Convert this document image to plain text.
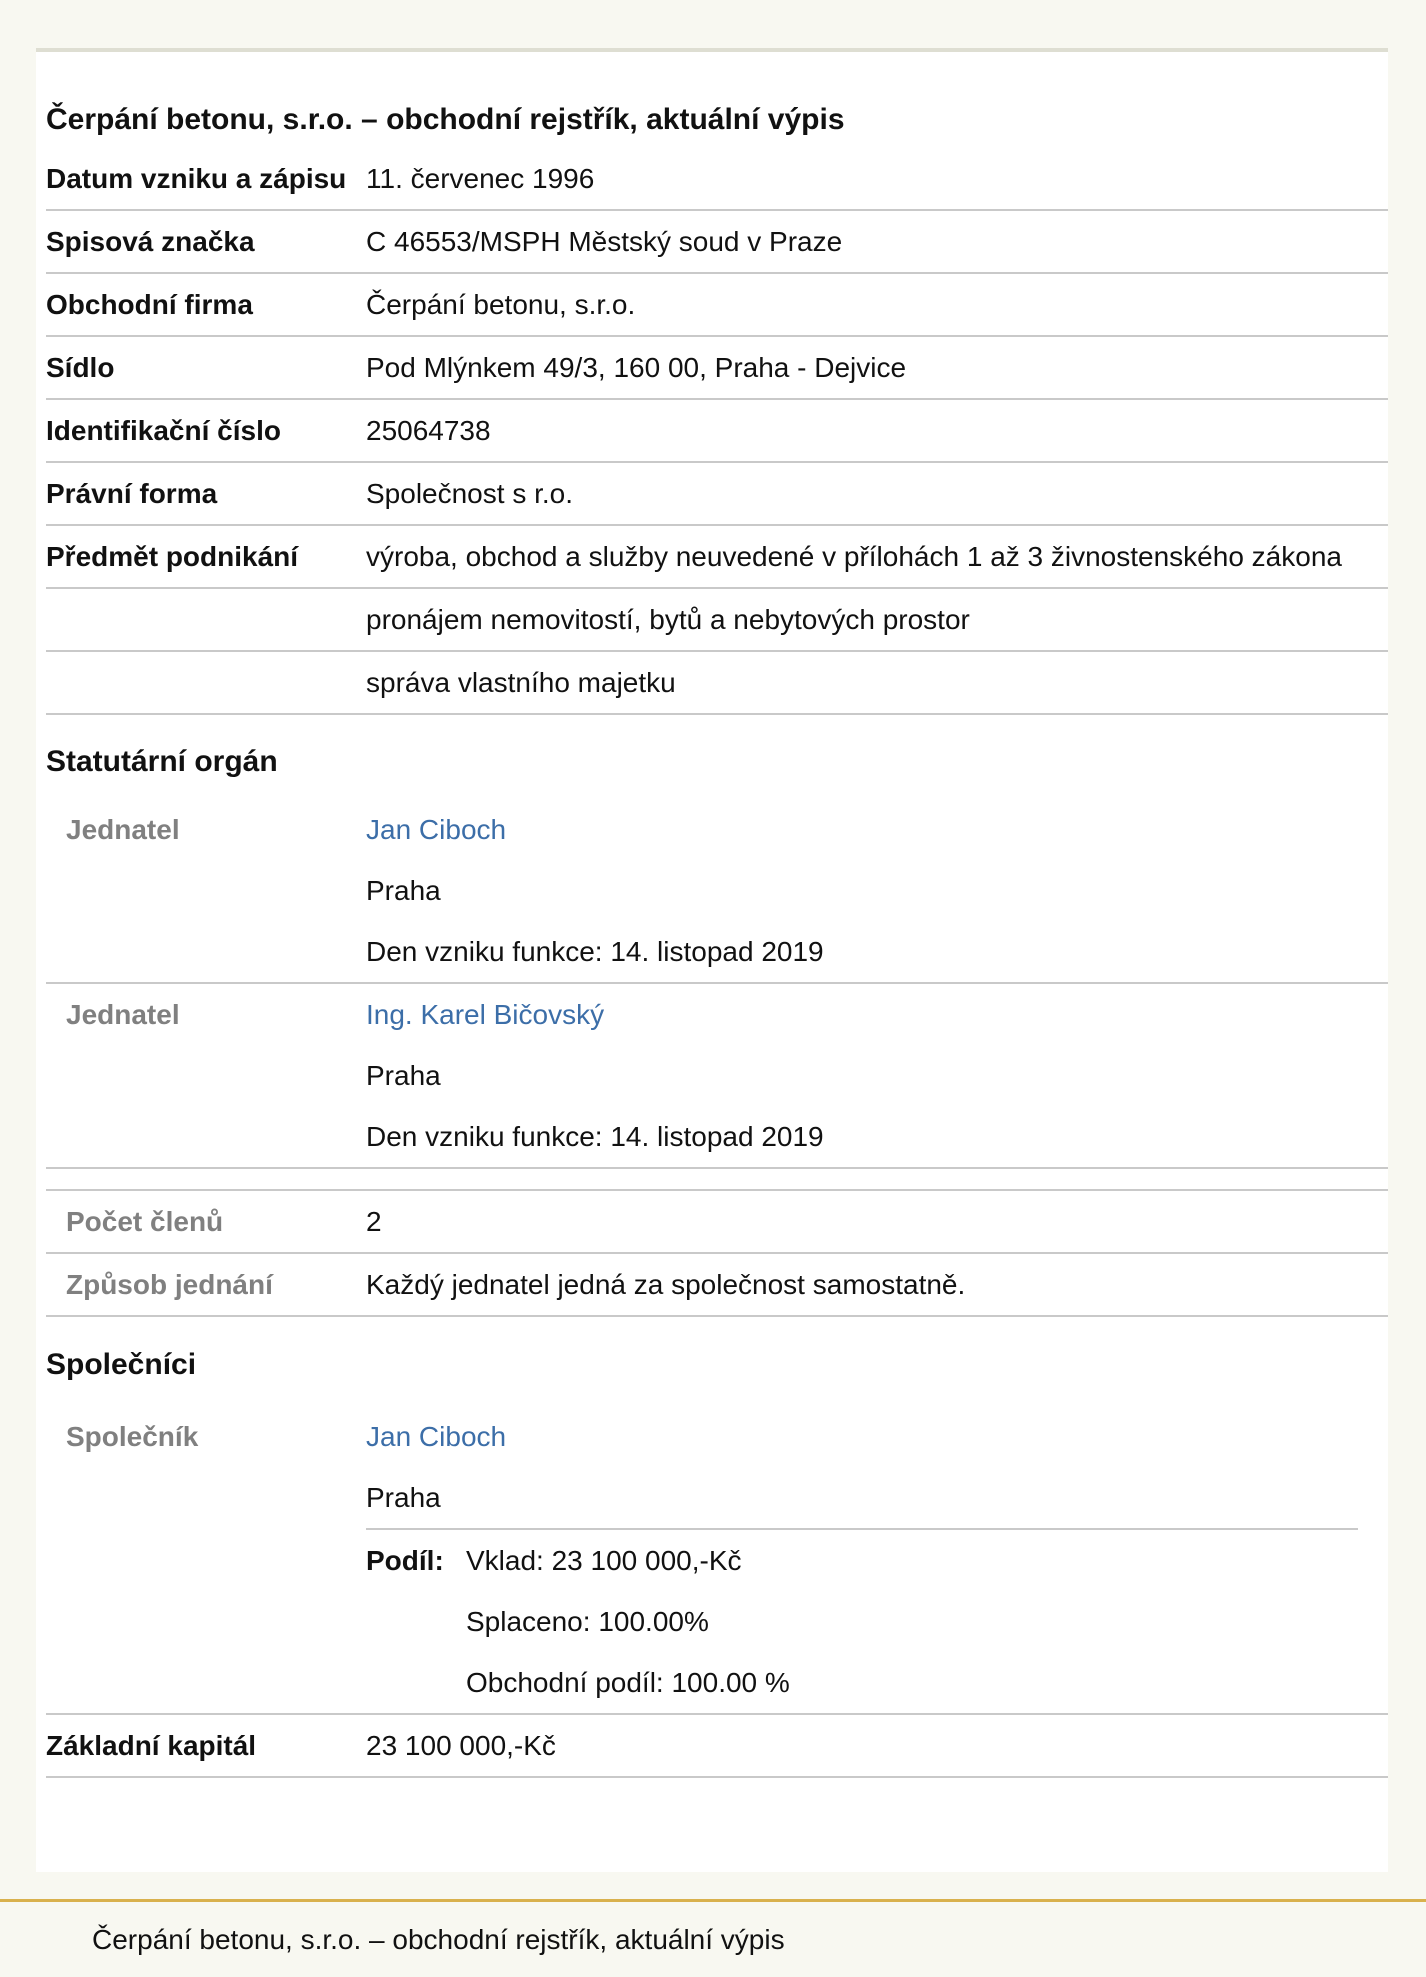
Čerpání betonu, s.r.o. – obchodní rejstřík, aktuální výpis
Datum vzniku a zápisu 11. červenec 1996
Spisová značka	C 46553/MSPH Městský soud v Praze
Obchodní firma	Čerpání betonu, s.r.o.
Sídlo	Pod Mlýnkem 49/3, 160 00, Praha - Dejvice
Identifikační číslo	25064738
Právní forma	Společnost s r.o.
Předmět podnikání	výroba, obchod a služby neuvedené v přílohách 1 až 3 živnostenského zákona
pronájem nemovitostí, bytů a nebytových prostor
správa vlastního majetku
Statutární orgán
Jednatel	Jan Ciboch
Praha
Den vzniku funkce: 14. listopad 2019
Jednatel	Ing. Karel Bičovský
Praha
Den vzniku funkce: 14. listopad 2019
Počet členů	2
Způsob jednání	Každý jednatel jedná za společnost samostatně.
Společníci
Společník	Jan Ciboch
Praha
Podíl: Vklad: 23 100 000,-Kč
Splaceno: 100.00%
Obchodní podíl: 100.00 %
Základní kapitál	23 100 000,-Kč
Čerpání betonu, s.r.o. – obchodní rejstřík, aktuální výpis
